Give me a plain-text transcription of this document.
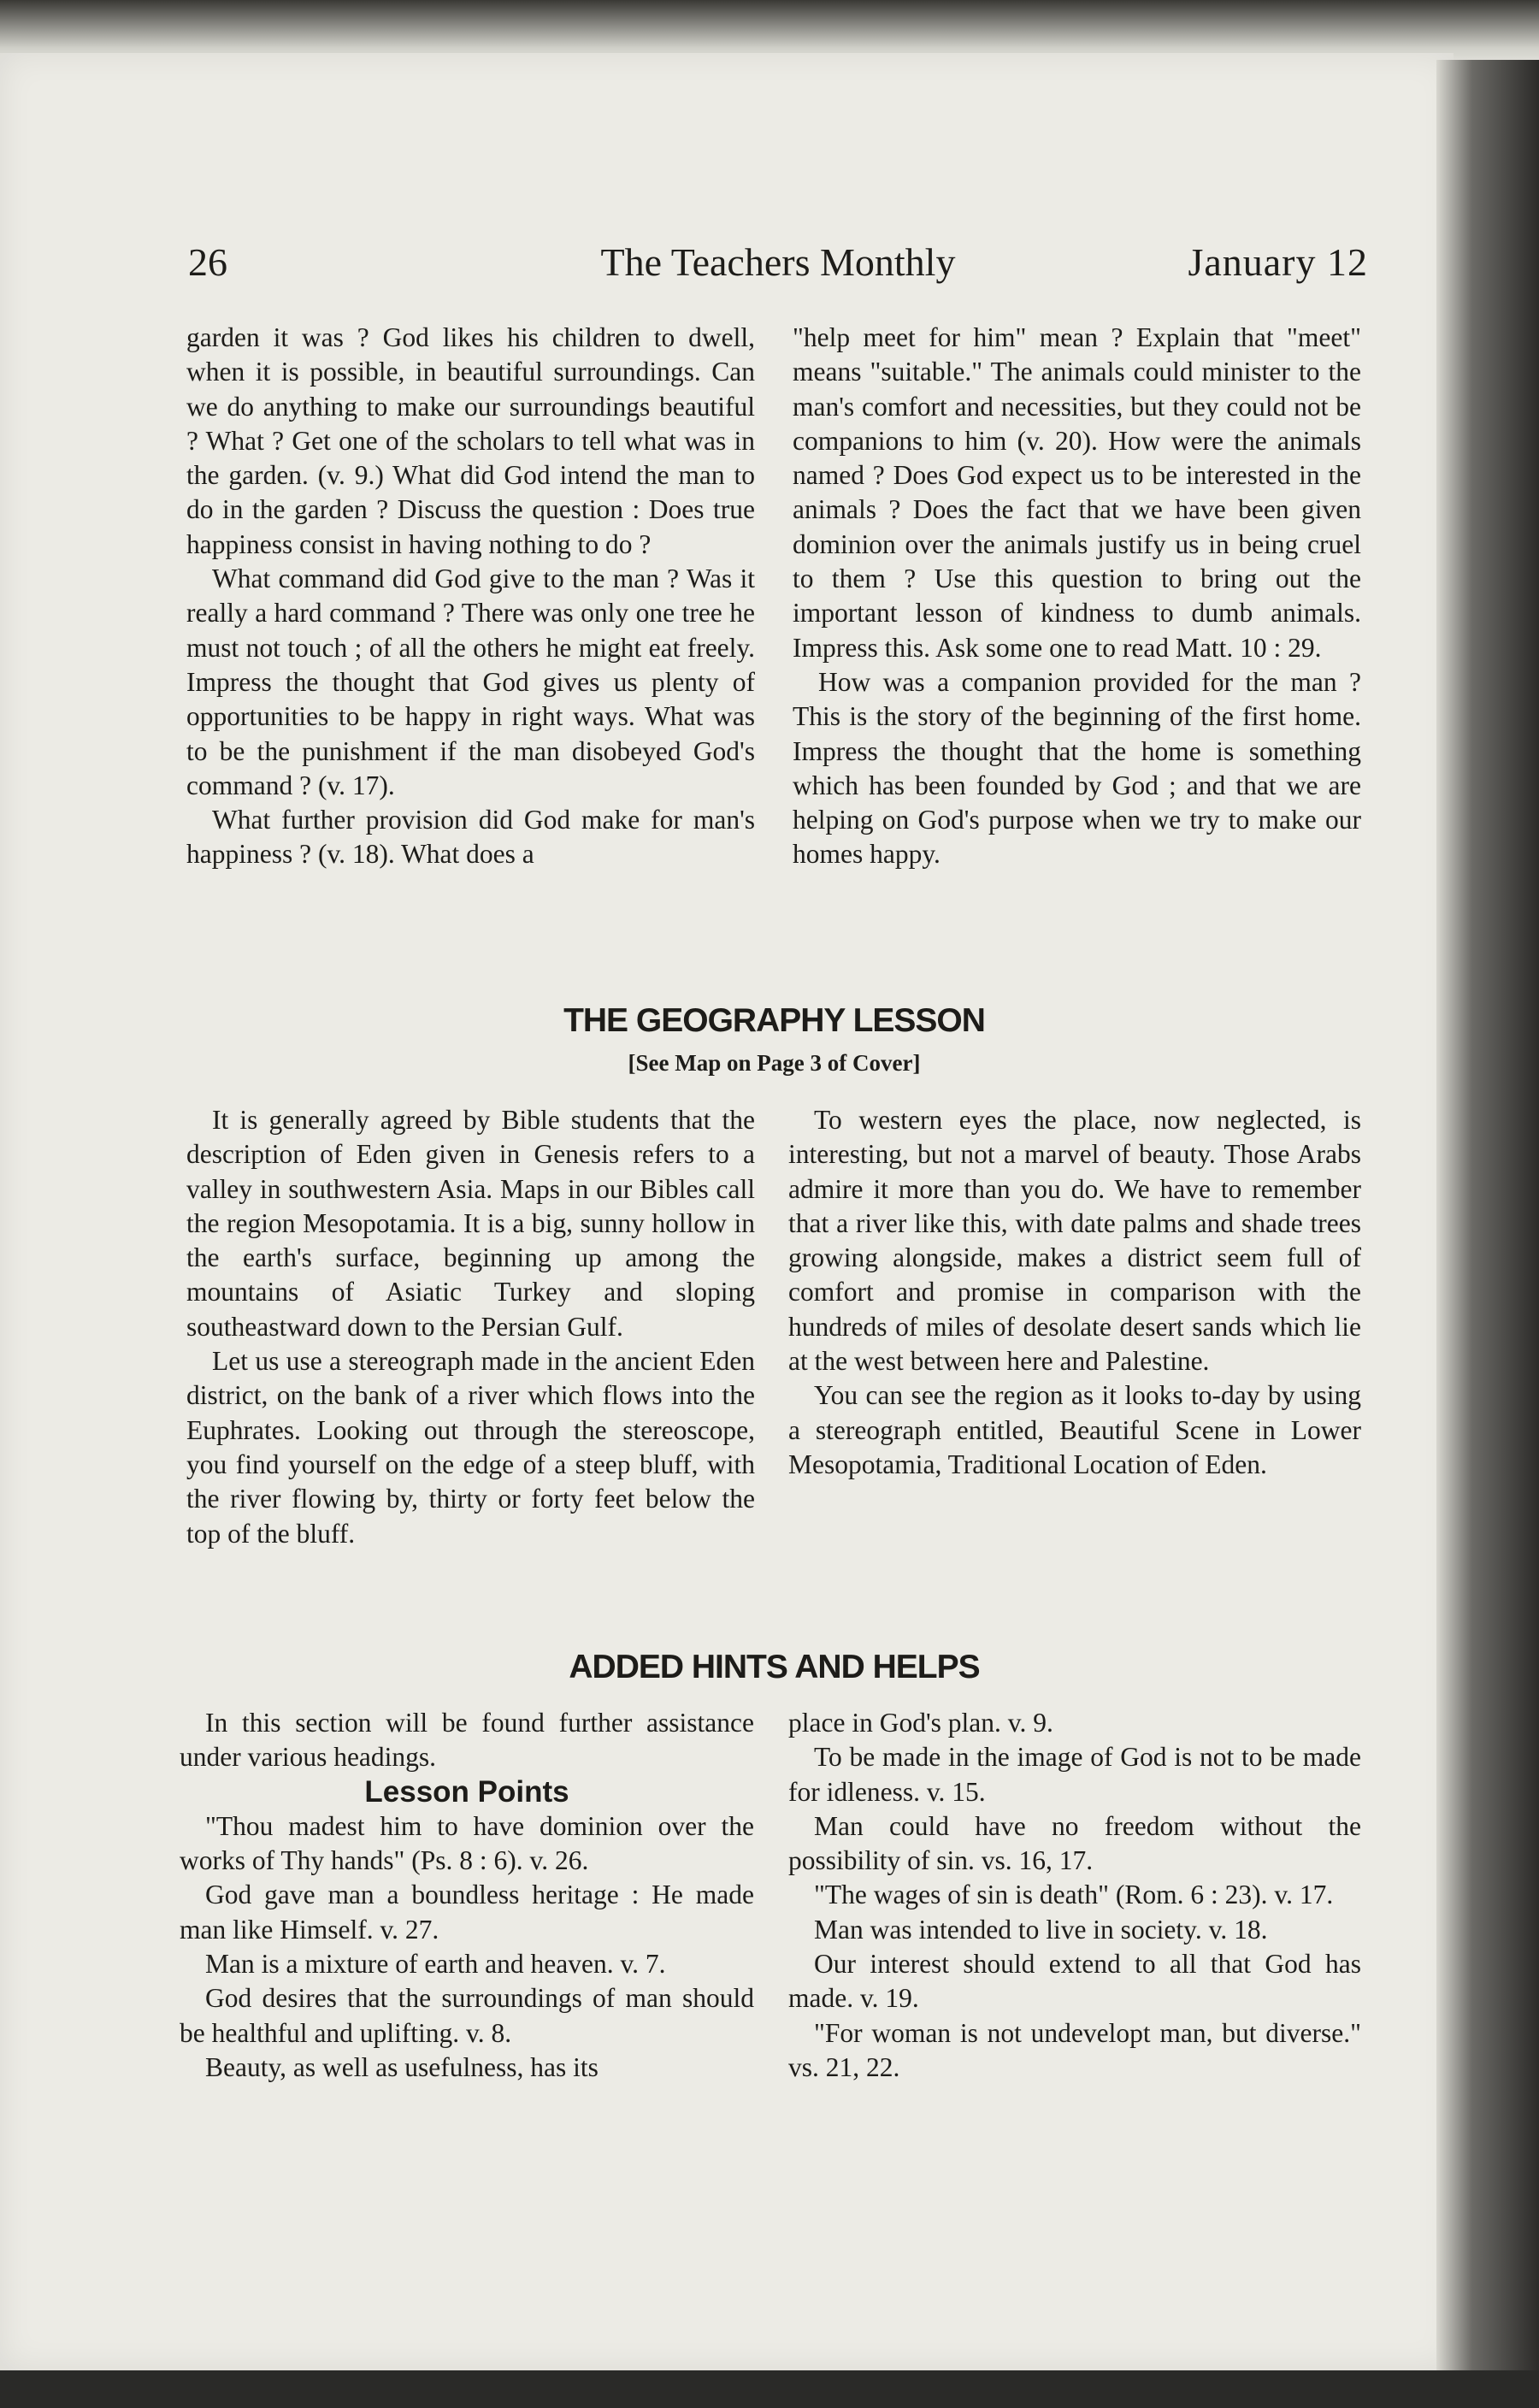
The Teachers Monthly
26	January 12

garden it was ? God likes his children to dwell, when it is possible, in beautiful surroundings. Can we do anything to make our surroundings beautiful ? What ? Get one of the scholars to tell what was in the garden. (v. 9.) What did God intend the man to do in the garden ? Discuss the question : Does true happiness consist in having nothing to do ?

What command did God give to the man ? Was it really a hard command ? There was only one tree he must not touch ; of all the others he might eat freely. Impress the thought that God gives us plenty of opportunities to be happy in right ways. What was to be the punishment if the man disobeyed God's command ? (v. 17).

What further provision did God make for man's happiness ? (v. 18). What does a

"help meet for him" mean ? Explain that "meet" means "suitable." The animals could minister to the man's comfort and necessities, but they could not be companions to him (v. 20). How were the animals named ? Does God expect us to be interested in the animals ? Does the fact that we have been given dominion over the animals justify us in being cruel to them ? Use this question to bring out the important lesson of kindness to dumb animals. Impress this. Ask some one to read Matt. 10 : 29.

How was a companion provided for the man ? This is the story of the beginning of the first home. Impress the thought that the home is something which has been founded by God ; and that we are helping on God's purpose when we try to make our homes happy.

THE GEOGRAPHY LESSON
[See Map on Page 3 of Cover]

It is generally agreed by Bible students that the description of Eden given in Genesis refers to a valley in southwestern Asia. Maps in our Bibles call the region Mesopotamia. It is a big, sunny hollow in the earth's surface, beginning up among the mountains of Asiatic Turkey and sloping southeastward down to the Persian Gulf.

Let us use a stereograph made in the ancient Eden district, on the bank of a river which flows into the Euphrates. Looking out through the stereoscope, you find yourself on the edge of a steep bluff, with the river flowing by, thirty or forty feet below the top of the bluff.

To western eyes the place, now neglected, is interesting, but not a marvel of beauty. Those Arabs admire it more than you do. We have to remember that a river like this, with date palms and shade trees growing alongside, makes a district seem full of comfort and promise in comparison with the hundreds of miles of desolate desert sands which lie at the west between here and Palestine.

You can see the region as it looks to-day by using a stereograph entitled, Beautiful Scene in Lower Mesopotamia, Traditional Location of Eden.

ADDED HINTS AND HELPS

In this section will be found further assistance under various headings.

Lesson Points

"Thou madest him to have dominion over the works of Thy hands" (Ps. 8 : 6). v. 26.

God gave man a boundless heritage : He made man like Himself. v. 27.

Man is a mixture of earth and heaven. v. 7.

God desires that the surroundings of man should be healthful and uplifting. v. 8.

Beauty, as well as usefulness, has its

place in God's plan. v. 9.

To be made in the image of God is not to be made for idleness. v. 15.

Man could have no freedom without the possibility of sin. vs. 16, 17.

"The wages of sin is death" (Rom. 6 : 23). v. 17.

Man was intended to live in society. v. 18.

Our interest should extend to all that God has made. v. 19.

"For woman is not undevelopt man, but diverse." vs. 21, 22.
